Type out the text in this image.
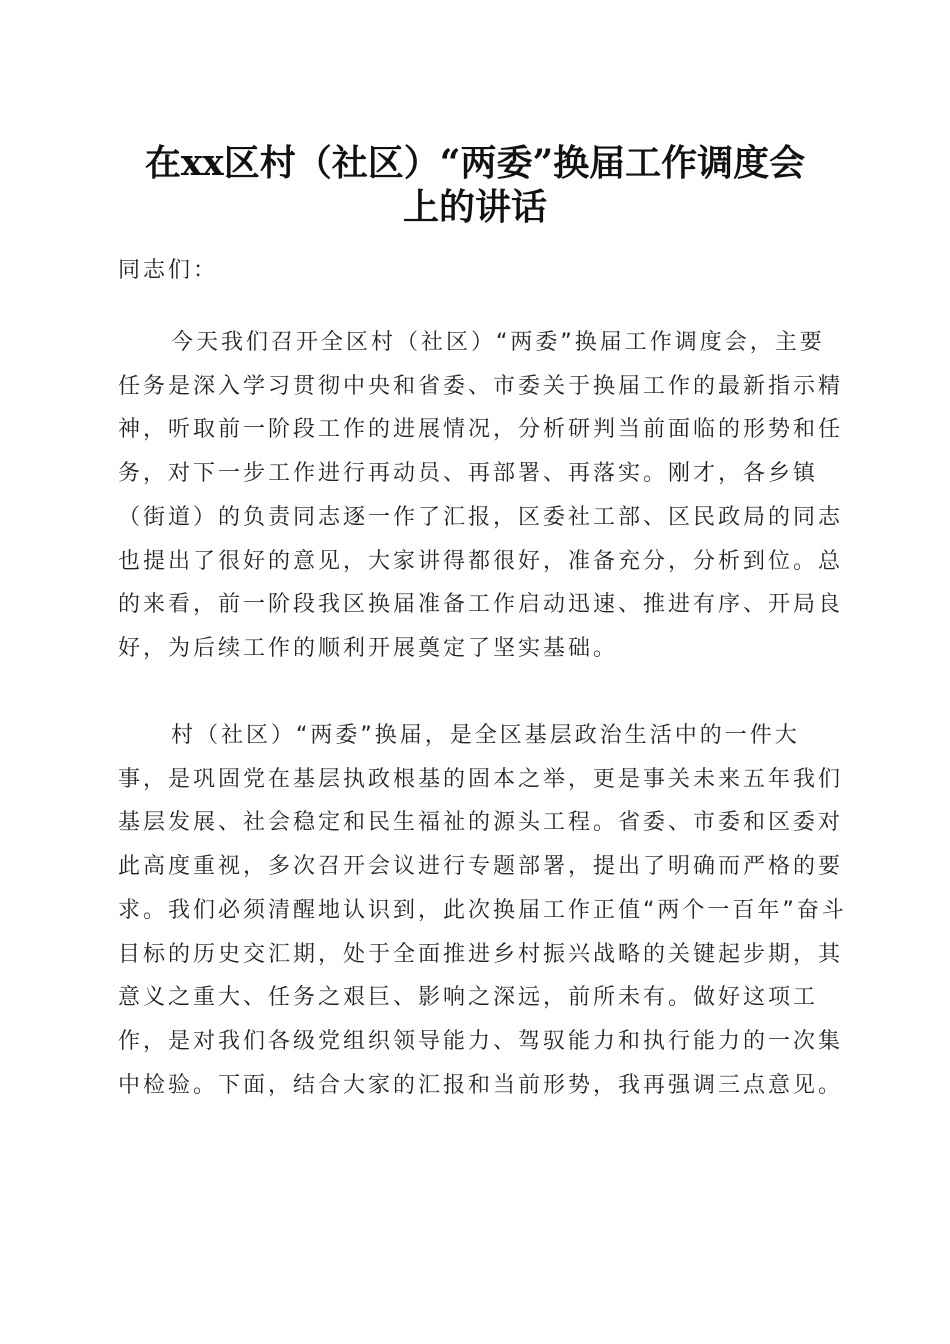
在xx区村（社区）“两委”换届工作调度会
上的讲话

同志们：

今天我们召开全区村（社区）“两委”换届工作调度会，主要任务是深入学习贯彻中央和省委、市委关于换届工作的最新指示精神，听取前一阶段工作的进展情况，分析研判当前面临的形势和任务，对下一步工作进行再动员、再部署、再落实。刚才，各乡镇（街道）的负责同志逐一作了汇报，区委社工部、区民政局的同志也提出了很好的意见，大家讲得都很好，准备充分，分析到位。总的来看，前一阶段我区换届准备工作启动迅速、推进有序、开局良好，为后续工作的顺利开展奠定了坚实基础。

村（社区）“两委”换届，是全区基层政治生活中的一件大事，是巩固党在基层执政根基的固本之举，更是事关未来五年我们基层发展、社会稳定和民生福祉的源头工程。省委、市委和区委对此高度重视，多次召开会议进行专题部署，提出了明确而严格的要求。我们必须清醒地认识到，此次换届工作正值“两个一百年”奋斗目标的历史交汇期，处于全面推进乡村振兴战略的关键起步期，其意义之重大、任务之艰巨、影响之深远，前所未有。做好这项工作，是对我们各级党组织领导能力、驾驭能力和执行能力的一次集中检验。下面，结合大家的汇报和当前形势，我再强调三点意见。
